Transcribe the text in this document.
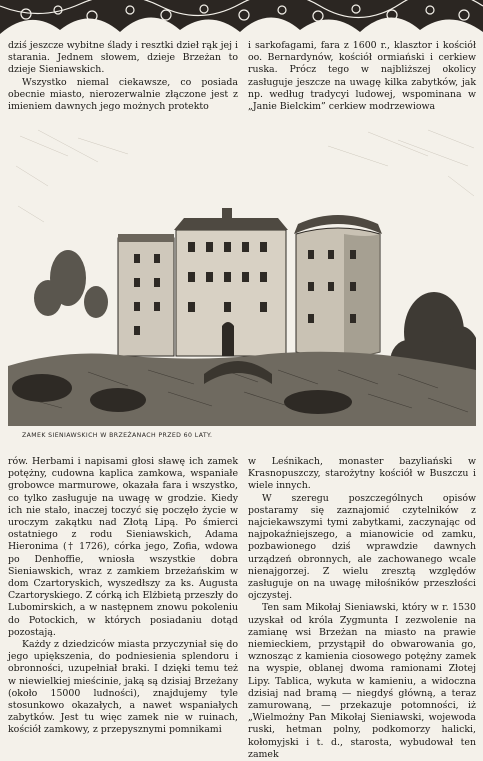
dziś jeszcze wybitne ślady i resztki dzieł rąk jej i starania. Jednem słowem, dzieje Brzeżan to dzieje Sieniawskich.

Wszystko niemal ciekawsze, co posiada obecnie miasto, nierozerwalnie złączone jest z imieniem dawnych jego możnych protekto

i sarkofagami, fara z 1600 r., klasztor i kościół oo. Bernardynów, kościół ormiański i cerkiew ruska. Prócz tego w najbliższej okolicy zasługuje jeszcze na uwagę kilka zabytków, jak np. według tradycyi ludowej, wspominana w „Janie Bielckim” cerkiew modrzewiowa

ZAMEK SIENIAWSKICH W BRZEŻANACH PRZED 60 LATY.

rów. Herbami i napisami głosi sławę ich zamek potężny, cudowna kaplica zamkowa, wspaniałe grobowce marmurowe, okazała fara i wszystko, co tylko zasługuje na uwagę w grodzie. Kiedy ich nie stało, inaczej toczyć się poczęło życie w uroczym zakątku nad Złotą Lipą. Po śmierci ostatniego z rodu Sieniawskich, Adama Hieronima († 1726), córka jego, Zofia, wdowa po Denhoffie, wniosła wszystkie dobra Sieniawskich, wraz z zamkiem brzeżańskim w dom Czartoryskich, wyszedłszy za ks. Augusta Czartoryskiego. Z córką ich Elżbietą przeszły do Lubomirskich, a w następnem znowu pokoleniu do Potockich, w których posiadaniu dotąd pozostają.

Każdy z dziedziców miasta przyczyniał się do jego upiększenia, do podniesienia splendoru i obronności, uzupełniał braki. I dzięki temu też w niewielkiej mieścinie, jaką są dzisiaj Brzeżany (około 15000 ludności), znajdujemy tyle stosunkowo okazałych, a nawet wspaniałych zabytków. Jest tu więc zamek nie w ruinach, kościół zamkowy, z przepysznymi pomnikami

w Leśnikach, monaster bazyliański w Krasnopuszczy, starożytny kościół w Buszczu i wiele innych.

W szeregu poszczególnych opisów postaramy się zaznajomić czytelników z najciekawszymi tymi zabytkami, zaczynając od najpokaźniejszego, a mianowicie od zamku, pozbawionego dziś wprawdzie dawnych urządzeń obronnych, ale zachowanego wcale nienajgorzej. Z wielu zresztą względów zasługuje on na uwagę miłośników przeszłości ojczystej.

Ten sam Mikołaj Sieniawski, który w r. 1530 uzyskał od króla Zygmunta I zezwolenie na zamianę wsi Brzeżan na miasto na prawie niemieckiem, przystąpił do obwarowania go, wznosząc z kamienia ciosowego potężny zamek na wyspie, oblanej dwoma ramionami Złotej Lipy. Tablica, wykuta w kamieniu, a widoczna dzisiaj nad bramą — niegdyś główną, a teraz zamurowaną, — przekazuje potomności, iż „Wielmożny Pan Mikołaj Sieniawski, wojewoda ruski, hetman polny, podkomorzy halicki, kołomyjski i t. d., starosta, wybudował ten zamek
